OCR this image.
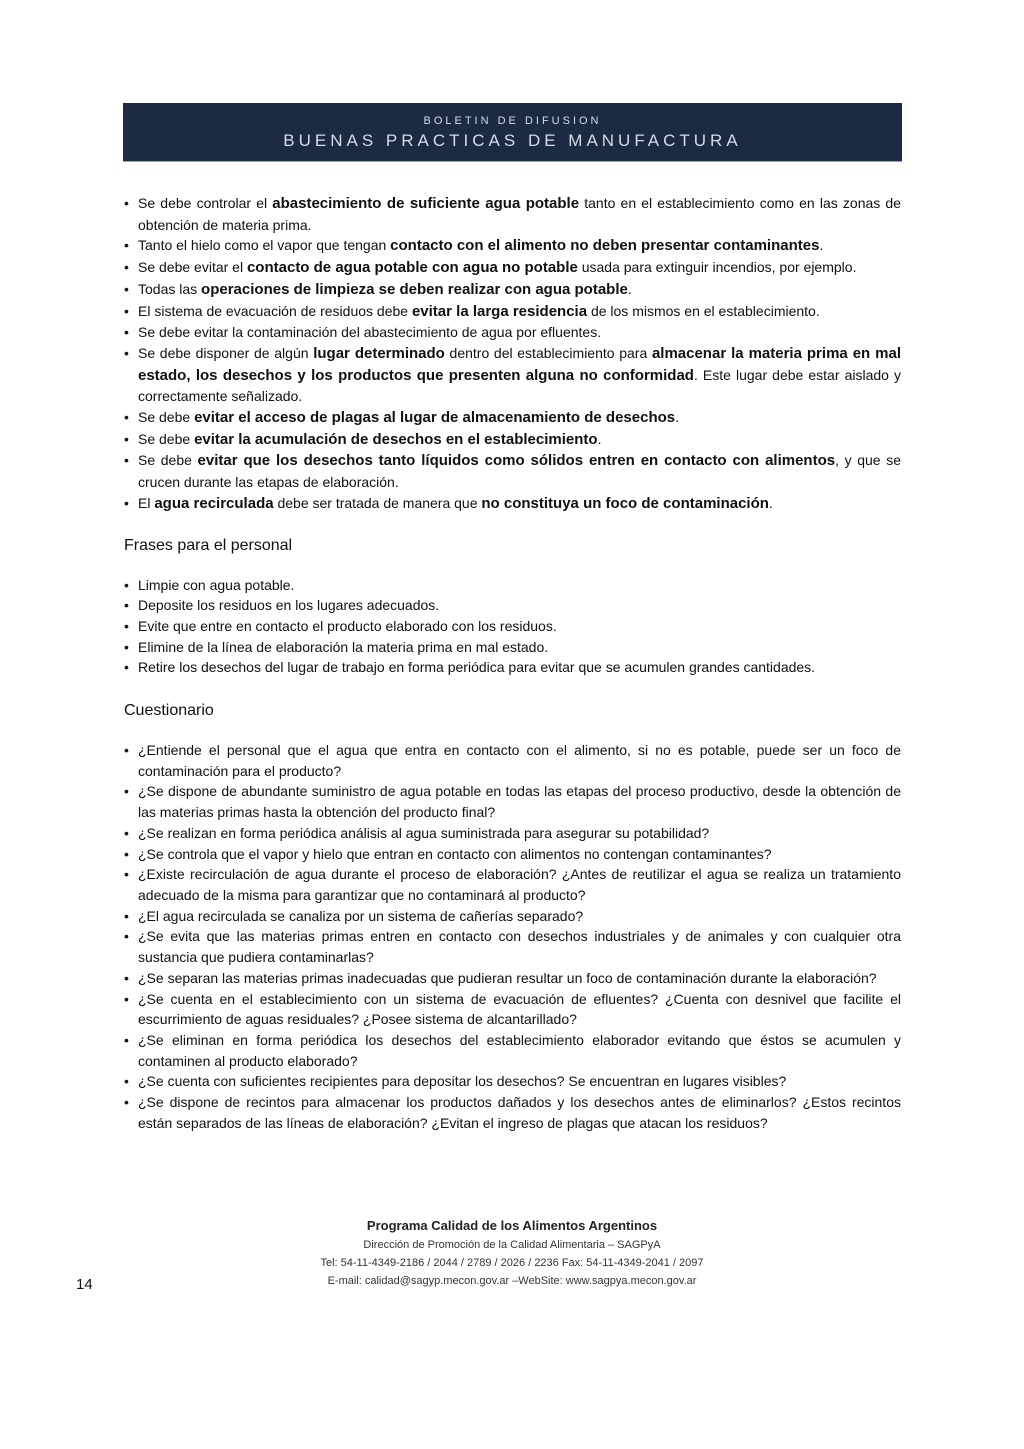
BOLETIN DE DIFUSION
BUENAS PRACTICAS DE MANUFACTURA
• Se debe controlar el abastecimiento de suficiente agua potable tanto en el establecimiento como en las zonas de obtención de materia prima.
• Tanto el hielo como el vapor que tengan contacto con el alimento no deben presentar contaminantes.
• Se debe evitar el contacto de agua potable con agua no potable usada para extinguir incendios, por ejemplo.
• Todas las operaciones de limpieza se deben realizar con agua potable.
• El sistema de evacuación de residuos debe evitar la larga residencia de los mismos en el establecimiento.
• Se debe evitar la contaminación del abastecimiento de agua por efluentes.
• Se debe disponer de algún lugar determinado dentro del establecimiento para almacenar la materia prima en mal estado, los desechos y los productos que presenten alguna no conformidad. Este lugar debe estar aislado y correctamente señalizado.
• Se debe evitar el acceso de plagas al lugar de almacenamiento de desechos.
• Se debe evitar la acumulación de desechos en el establecimiento.
• Se debe evitar que los desechos tanto líquidos como sólidos entren en contacto con alimentos, y que se crucen durante las etapas de elaboración.
• El agua recirculada debe ser tratada de manera que no constituya un foco de contaminación.
Frases para el personal
• Limpie con agua potable.
• Deposite los residuos en los lugares adecuados.
• Evite que entre en contacto el producto elaborado con los residuos.
• Elimine de la línea de elaboración la materia prima en mal estado.
• Retire los desechos del lugar de trabajo en forma periódica para evitar que se acumulen grandes cantidades.
Cuestionario
• ¿Entiende el personal que el agua que entra en contacto con el alimento, si no es potable, puede ser un foco de contaminación para el producto?
• ¿Se dispone de abundante suministro de agua potable en todas las etapas del proceso productivo, desde la obtención de las materias primas hasta la obtención del producto final?
• ¿Se realizan en forma periódica análisis al agua suministrada para asegurar su potabilidad?
• ¿Se controla que el vapor y hielo que entran en contacto con alimentos no contengan contaminantes?
• ¿Existe recirculación de agua durante el proceso de elaboración? ¿Antes de reutilizar el agua se realiza un tratamiento adecuado de la misma para garantizar que no contaminará al producto?
• ¿El agua recirculada se canaliza por un sistema de cañerías separado?
• ¿Se evita que las materias primas entren en contacto con desechos industriales y de animales y con cualquier otra sustancia que pudiera contaminarlas?
• ¿Se separan las materias primas inadecuadas que pudieran resultar un foco de contaminación durante la elaboración?
• ¿Se cuenta en el establecimiento con un sistema de evacuación de efluentes? ¿Cuenta con desnivel que facilite el escurrimiento de aguas residuales? ¿Posee sistema de alcantarillado?
• ¿Se eliminan en forma periódica los desechos del establecimiento elaborador evitando que éstos se acumulen y contaminen al producto elaborado?
• ¿Se cuenta con suficientes recipientes para depositar los desechos? Se encuentran en lugares visibles?
• ¿Se dispone de recintos para almacenar los productos dañados y los desechos antes de eliminarlos? ¿Estos recintos están separados de las líneas de elaboración? ¿Evitan el ingreso de plagas que atacan los residuos?
Programa Calidad de los Alimentos Argentinos
Dirección de Promoción de la Calidad Alimentaria – SAGPyA
Tel: 54-11-4349-2186 / 2044 / 2789 / 2026 / 2236 Fax: 54-11-4349-2041 / 2097
E-mail: calidad@sagyp.mecon.gov.ar –WebSite: www.sagpya.mecon.gov.ar
14
